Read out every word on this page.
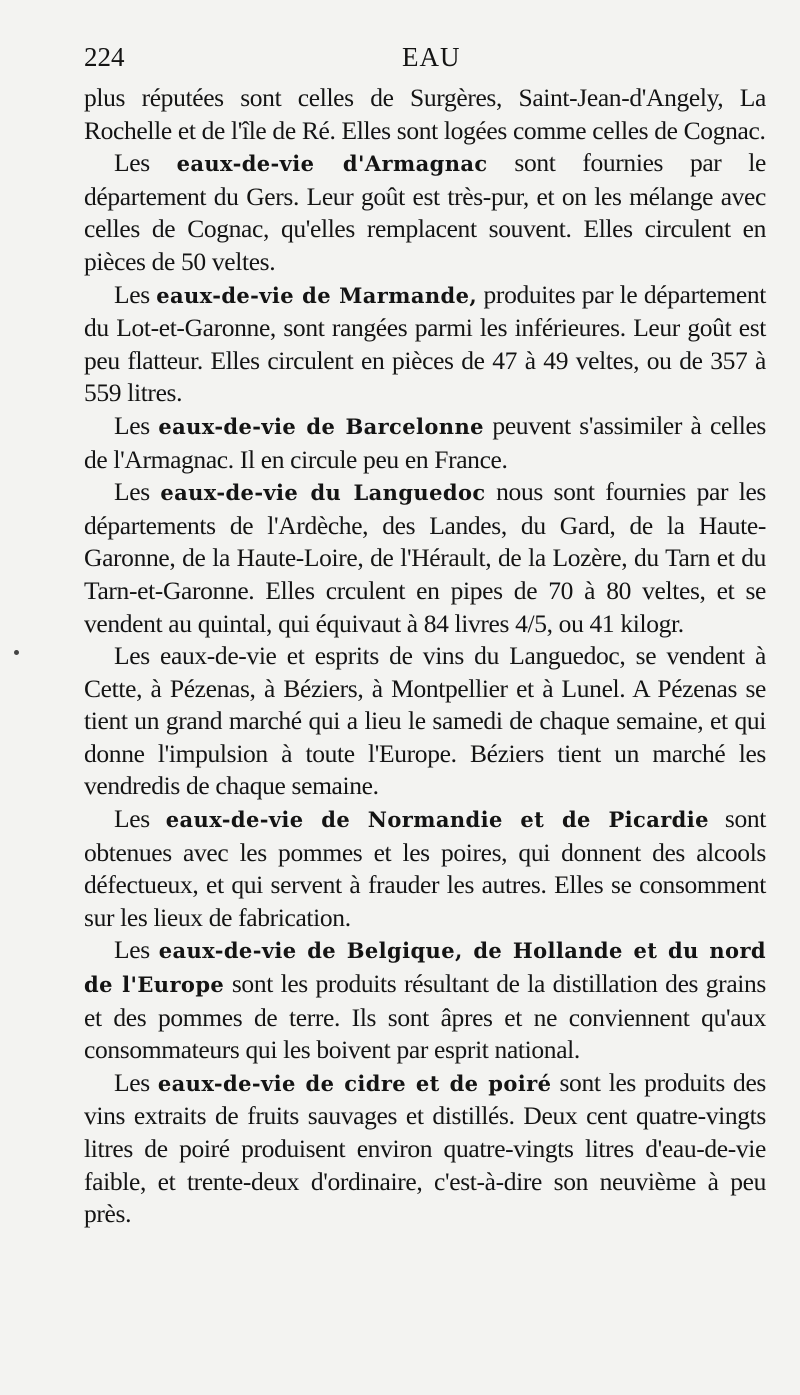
224	EAU

plus réputées sont celles de Surgères, Saint-Jean-d'Angely, La Rochelle et de l'île de Ré. Elles sont logées comme celles de Cognac.

Les eaux-de-vie d'Armagnac sont fournies par le département du Gers. Leur goût est très-pur, et on les mélange avec celles de Cognac, qu'elles remplacent souvent. Elles circulent en pièces de 50 veltes.

Les eaux-de-vie de Marmande, produites par le département du Lot-et-Garonne, sont rangées parmi les inférieures. Leur goût est peu flatteur. Elles circulent en pièces de 47 à 49 veltes, ou de 357 à 559 litres.

Les eaux-de-vie de Barcelonne peuvent s'assimiler à celles de l'Armagnac. Il en circule peu en France.

Les eaux-de-vie du Languedoc nous sont fournies par les départements de l'Ardèche, des Landes, du Gard, de la Haute-Garonne, de la Haute-Loire, de l'Hérault, de la Lozère, du Tarn et du Tarn-et-Garonne. Elles crculent en pipes de 70 à 80 veltes, et se vendent au quintal, qui équivaut à 84 livres 4/5, ou 41 kilogr.

Les eaux-de-vie et esprits de vins du Languedoc, se vendent à Cette, à Pézenas, à Béziers, à Montpellier et à Lunel. A Pézenas se tient un grand marché qui a lieu le samedi de chaque semaine, et qui donne l'impulsion à toute l'Europe. Béziers tient un marché les vendredis de chaque semaine.

Les eaux-de-vie de Normandie et de Picardie sont obtenues avec les pommes et les poires, qui donnent des alcools défectueux, et qui servent à frauder les autres. Elles se consomment sur les lieux de fabrication.

Les eaux-de-vie de Belgique, de Hollande et du nord de l'Europe sont les produits résultant de la distillation des grains et des pommes de terre. Ils sont âpres et ne conviennent qu'aux consommateurs qui les boivent par esprit national.

Les eaux-de-vie de cidre et de poiré sont les produits des vins extraits de fruits sauvages et distillés. Deux cent quatre-vingts litres de poiré produisent environ quatre-vingts litres d'eau-de-vie faible, et trente-deux d'ordinaire, c'est-à-dire son neuvième à peu près.
